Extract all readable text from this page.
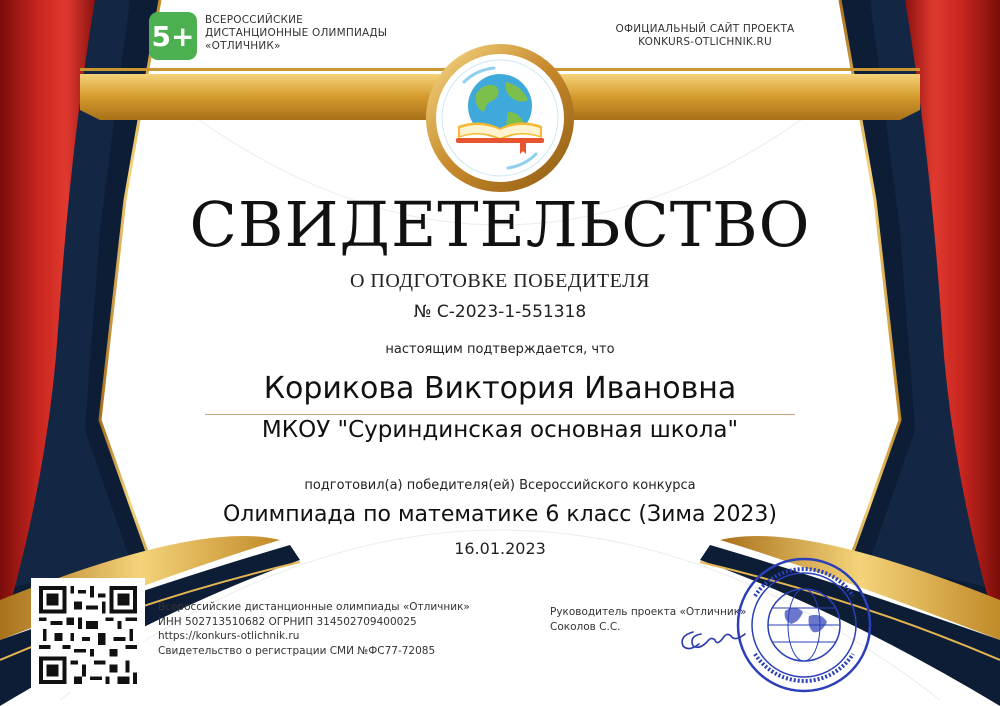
5+ ВСЕРОССИЙСКИЕ
ДИСТАНЦИОННЫЕ ОЛИМПИАДЫ
«ОТЛИЧНИК»
ОФИЦИАЛЬНЫЙ САЙТ ПРОЕКТА
KONKURS-OTLICHNIK.RU
СВИДЕТЕЛЬСТВО
О ПОДГОТОВКЕ ПОБЕДИТЕЛЯ
№ С-2023-1-551318
настоящим подтверждается, что
Корикова Виктория Ивановна
МКОУ "Суриндинская основная школа"
подготовил(а) победителя(ей) Всероссийского конкурса
Олимпиада по математике 6 класс (Зима 2023)
16.01.2023
Всероссийские дистанционные олимпиады «Отличник»
ИНН 502713510682 ОГРНИП 314502709400025
https://konkurs-otlichnik.ru
Свидетельство о регистрации СМИ №ФС77-72085
Руководитель проекта «Отличник»
Соколов С.С.
